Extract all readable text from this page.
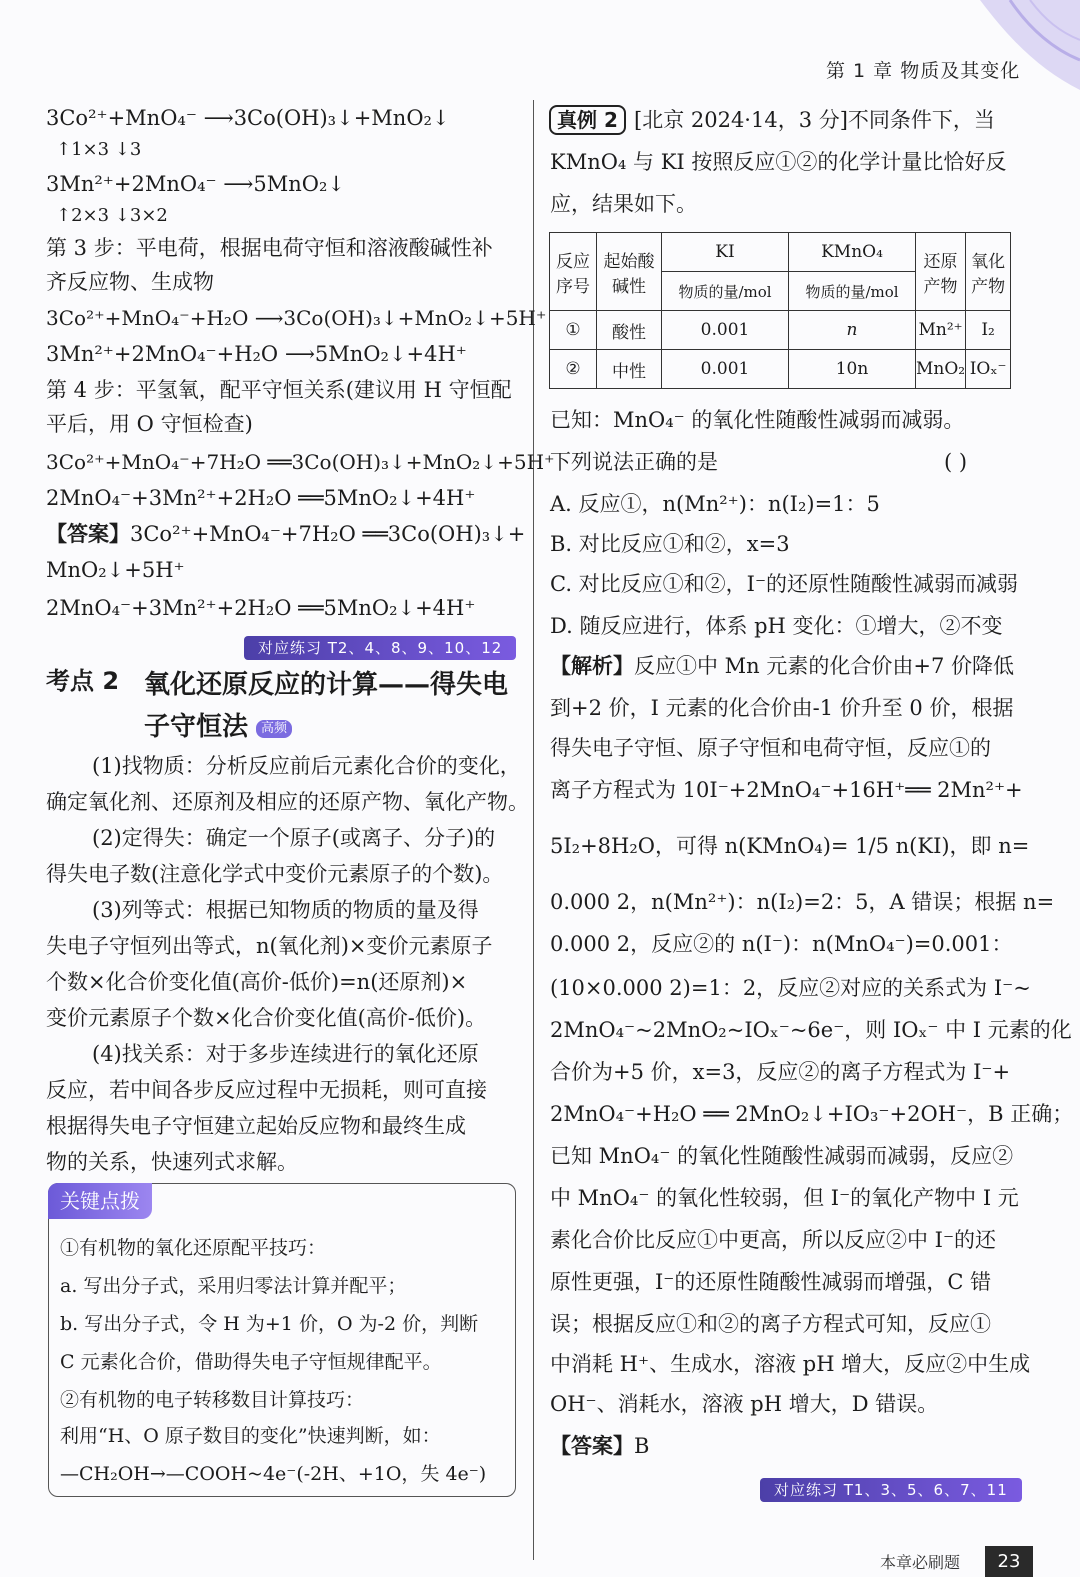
第 1 章 物质及其变化
3Co²⁺+MnO₄⁻ ⟶3Co(OH)₃↓+MnO₂↓
↑1×3 ↓3
3Mn²⁺+2MnO₄⁻ ⟶5MnO₂↓
↑2×3 ↓3×2
第 3 步：平电荷，根据电荷守恒和溶液酸碱性补
齐反应物、生成物
3Co²⁺+MnO₄⁻+H₂O ⟶3Co(OH)₃↓+MnO₂↓+5H⁺
3Mn²⁺+2MnO₄⁻+H₂O ⟶5MnO₂↓+4H⁺
第 4 步：平氢氧，配平守恒关系(建议用 H 守恒配
平后，用 O 守恒检查)
3Co²⁺+MnO₄⁻+7H₂O ══3Co(OH)₃↓+MnO₂↓+5H⁺
2MnO₄⁻+3Mn²⁺+2H₂O ══5MnO₂↓+4H⁺
【答案】3Co²⁺+MnO₄⁻+7H₂O ══3Co(OH)₃↓+
MnO₂↓+5H⁺
2MnO₄⁻+3Mn²⁺+2H₂O ══5MnO₂↓+4H⁺
对应练习 T2、4、8、9、10、12
考点 2 氧化还原反应的计算——得失电
子守恒法 高频
(1)找物质：分析反应前后元素化合价的变化，
确定氧化剂、还原剂及相应的还原产物、氧化产物。
(2)定得失：确定一个原子(或离子、分子)的
得失电子数(注意化学式中变价元素原子的个数)。
(3)列等式：根据已知物质的物质的量及得
失电子守恒列出等式，n(氧化剂)×变价元素原子
个数×化合价变化值(高价-低价)=n(还原剂)×
变价元素原子个数×化合价变化值(高价-低价)。
(4)找关系：对于多步连续进行的氧化还原
反应，若中间各步反应过程中无损耗，则可直接
根据得失电子守恒建立起始反应物和最终生成
物的关系，快速列式求解。
关键点拨
①有机物的氧化还原配平技巧：
a. 写出分子式，采用归零法计算并配平；
b. 写出分子式，令 H 为+1 价，O 为-2 价，判断
C 元素化合价，借助得失电子守恒规律配平。
②有机物的电子转移数目计算技巧：
利用“H、O 原子数目的变化”快速判断，如：
—CH₂OH→—COOH~4e⁻(-2H、+1O，失 4e⁻)
真例 2 [北京 2024·14，3 分]不同条件下，当
KMnO₄ 与 KI 按照反应①②的化学计量比恰好反
应，结果如下。
反应序号	起始酸碱性	KI	KMnO₄	还原产物	氧化产物
		物质的量/mol	物质的量/mol		
①	酸性	0.001	n	Mn²⁺	I₂
②	中性	0.001	10n	MnO₂	IOₓ⁻
已知：MnO₄⁻ 的氧化性随酸性减弱而减弱。
下列说法正确的是	( )
A. 反应①，n(Mn²⁺)：n(I₂)=1：5
B. 对比反应①和②，x=3
C. 对比反应①和②，I⁻的还原性随酸性减弱而减弱
D. 随反应进行，体系 pH 变化：①增大，②不变
【解析】反应①中 Mn 元素的化合价由+7 价降低
到+2 价，I 元素的化合价由-1 价升至 0 价，根据
得失电子守恒、原子守恒和电荷守恒，反应①的
离子方程式为 10I⁻+2MnO₄⁻+16H⁺══ 2Mn²⁺+
5I₂+8H₂O，可得 n(KMnO₄)= 1/5 n(KI)，即 n=
0.000 2，n(Mn²⁺)：n(I₂)=2：5，A 错误；根据 n=
0.000 2，反应②的 n(I⁻)：n(MnO₄⁻)=0.001：
(10×0.000 2)=1：2，反应②对应的关系式为 I⁻~
2MnO₄⁻~2MnO₂~IOₓ⁻~6e⁻，则 IOₓ⁻ 中 I 元素的化
合价为+5 价，x=3，反应②的离子方程式为 I⁻+
2MnO₄⁻+H₂O ══ 2MnO₂↓+IO₃⁻+2OH⁻，B 正确；
已知 MnO₄⁻ 的氧化性随酸性减弱而减弱，反应②
中 MnO₄⁻ 的氧化性较弱，但 I⁻的氧化产物中 I 元
素化合价比反应①中更高，所以反应②中 I⁻的还
原性更强，I⁻的还原性随酸性减弱而增强，C 错
误；根据反应①和②的离子方程式可知，反应①
中消耗 H⁺、生成水，溶液 pH 增大，反应②中生成
OH⁻、消耗水，溶液 pH 增大，D 错误。
【答案】B
对应练习 T1、3、5、6、7、11
本章必刷题	23
